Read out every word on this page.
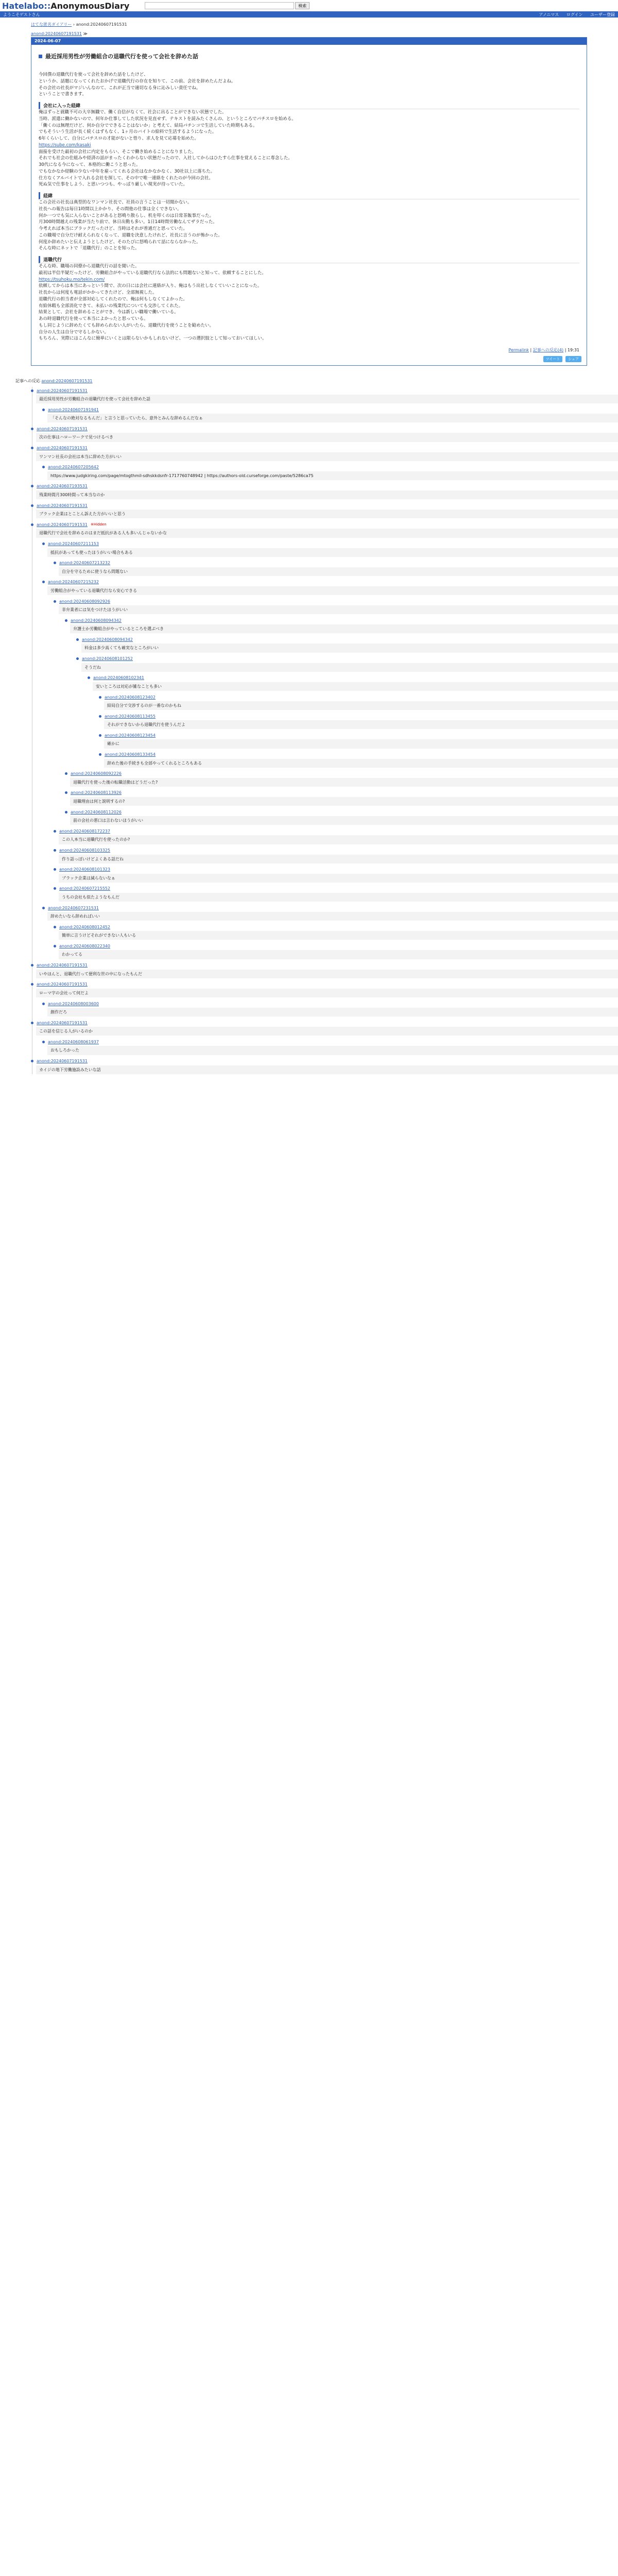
Hatelabo::AnonymousDiary	検索
ようこそゲストさん	アノニマス ログイン ユーザー登録
はてな匿名ダイアリー › anond:20240607191531
anond:20240607191531 ≫
2024-06-07
最近採用男性が労働組合の退職代行を使って会社を辞めた話

今回僕の退職代行を使って会社を辞めた話をしたけど、

というか、話題になってくれたおかげで退職代行の存在を知りて、この前、会社を辞めたんだよね。

その会社の社長がマジいんなのて、これが正当で適切なる身に沁みしい責任でね。

ということで書きます。

会社に入った経緯

俺はずっと就職不可の大卒無職で、働く自信がなくて、社会に出ることができない状態でした。

当時、派遣に働かないので、何年か仕事してした状況を見直せず、テキストを読みたくさんの、というところでパチスロを始める。

「働くのは無理だけど、何か自分でできることはないか」と考えて、結局パチンコで生活していた時期もある。

でもそういう生活が長く続くはずもなく、1ヶ月のバイトの給料で生活するようになった。

6年くらいして、自分にパチスロの才能がないと悟り、求人を見て応募を始めた。

https://sube.com/kasaki

面接を受けた最初の会社に内定をもらい、そこで働き始めることになりました。

それでも社会の仕組みや経済の話がまったくわからない状態だったので、入社してからはひたすら仕事を覚えることに専念した。

30代になる今になって、本格的に働こうと思った。

でもなかなか経験の少ない中年を雇ってくれる会社はなかなかなく、30社以上に落ちた。

仕方なくアルバイトで入れる会社を探して、その中で唯一連絡をくれたのが今回の会社。

死ぬ気で仕事をしよう、と思いつつも、やっぱり厳しい現実が待っていた。

経緯

この会社の社長は典型的なワンマン社長で、社員の言うことは一切聞かない。

社長への報告は毎日1時間以上かかり、その間他の仕事は全くできない。

何か一つでも気に入らないことがあると怒鳴り散らし、机を叩くのは日常茶飯事だった。

月300時間越えの残業が当たり前で、休日出勤も多い。1日14時間労働なんてザラだった。

今考えれば本当にブラックだったけど、当時はそれが普通だと思っていた。

この職場で自分だけ耐えられなくなって、退職を決意したけれど、社長に言うのが怖かった。

何度か辞めたいと伝えようとしたけど、そのたびに怒鳴られて話にならなかった。

そんな時にネットで「退職代行」のことを知った。

退職代行

そんな時、職場の同僚から退職代行の話を聞いた。

最初は半信半疑だったけど、労働組合がやっている退職代行なら法的にも問題ないと知って、依頼することにした。

https://tsuhoku.mo/tekin.com/

依頼してからは本当にあっという間で、次の日には会社に連絡が入り、俺はもう出社しなくていいことになった。

社長からは何度も電話がかかってきたけど、全部無視した。

退職代行の担当者が全部対応してくれたので、俺は何もしなくてよかった。

有給休暇も全部消化できて、未払いの残業代についても交渉してくれた。

結果として、会社を辞めることができ、今は新しい職場で働いている。

あの時退職代行を使って本当によかったと思っている。

もし同じように辞めたくても辞められない人がいたら、退職代行を使うことを勧めたい。

自分の人生は自分で守るしかない。

もちろん、実際にはこんなに簡単にいくとは限らないかもしれないけど、一つの選択肢として知っておいてほしい。

Permalink | 記事への反応(4) | 19:31
ツイート シェア
記事への反応 anond:20240607191531
anond:20240607191531
最近採用男性が労働組合の退職代行を使って会社を辞めた話
anond:20240607191941
「そんなの絶対なるもんだ」と言うと思っていたら、意外とみんな辞めるんだなぁ
anond:20240607191531
次の仕事はハローワークで見つけるべき
anond:20240607191531
ワンマン社長の会社は本当に辞めた方がいい
anond:20240607205642
https://www.judgkiring.com/page/mtogthmil-sdhskkdsnfr-1717760748942 | https://authors-old.curseforge.com/paste/5286ca75
anond:20240607193531
残業時間月300時間って本当なのか
anond:20240607191531
ブラック企業はとことん訴えた方がいいと思う
anond:20240607191531 ※Hidden
退職代行で会社を辞めるのはまだ抵抗がある人も多いんじゃないかな
anond:20240607211153
抵抗があっても使ったほうがいい場合もある
anond:20240607213232
自分を守るために使うなら問題ない
anond:20240607215232
労働組合がやっている退職代行なら安心できる
anond:20240608092926
非弁業者には気をつけたほうがいい
anond:20240608094342
弁護士か労働組合がやっているところを選ぶべき
anond:20240608094342
料金は多少高くても確実なところがいい
anond:20240608101252
そうだね
anond:20240608102341
安いところは対応が雑なことも多い
anond:20240608123402
結局自分で交渉するのが一番なのかもね
anond:20240608113455
それができないから退職代行を使うんだよ
anond:20240608123454
確かに
anond:20240608133454
辞めた後の手続きも全部やってくれるところもある
anond:20240608092226
退職代行を使った後の転職活動はどうだった?
anond:20240608113926
退職理由は何と説明するの?
anond:20240608112026
前の会社の悪口は言わないほうがいい
anond:20240608172237
この人本当に退職代行を使ったのか?
anond:20240608103325
作り話っぽいけどよくある話だね
anond:20240608101323
ブラック企業は減らないなぁ
anond:20240607215552
うちの会社も似たようなもんだ
anond:20240607231531
辞めたいなら辞めればいい
anond:20240608012452
簡単に言うけどそれができない人もいる
anond:20240608022340
わかってる
anond:20240607191531
いやほんと、退職代行って便利な世の中になったもんだ
anond:20240607191531
ローマ字の会社って何だよ
anond:20240608003600
創作だろ
anond:20240607191531
この話を信じる人がいるのか
anond:20240608061937
おもしろかった
anond:20240607191531
カイジの地下労働施設みたいな話
